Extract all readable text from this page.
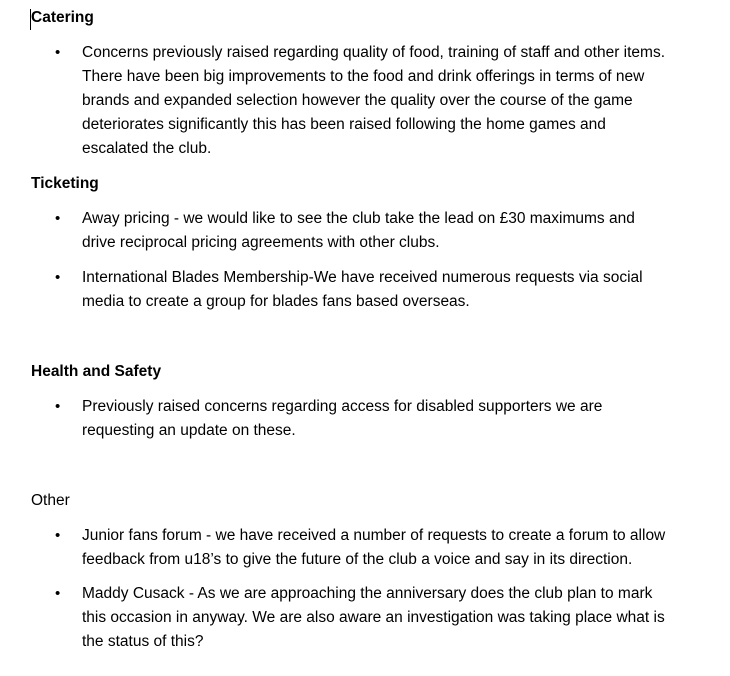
Catering

• Concerns previously raised regarding quality of food, training of staff and other items. There have been big improvements to the food and drink offerings in terms of new brands and expanded selection however the quality over the course of the game deteriorates significantly this has been raised following the home games and escalated the club.

Ticketing

• Away pricing - we would like to see the club take the lead on £30 maximums and drive reciprocal pricing agreements with other clubs.
• International Blades Membership-We have received numerous requests via social media to create a group for blades fans based overseas.

Health and Safety

• Previously raised concerns regarding access for disabled supporters we are requesting an update on these.

Other

• Junior fans forum - we have received a number of requests to create a forum to allow feedback from u18’s to give the future of the club a voice and say in its direction.
• Maddy Cusack - As we are approaching the anniversary does the club plan to mark this occasion in anyway. We are also aware an investigation was taking place what is the status of this?
